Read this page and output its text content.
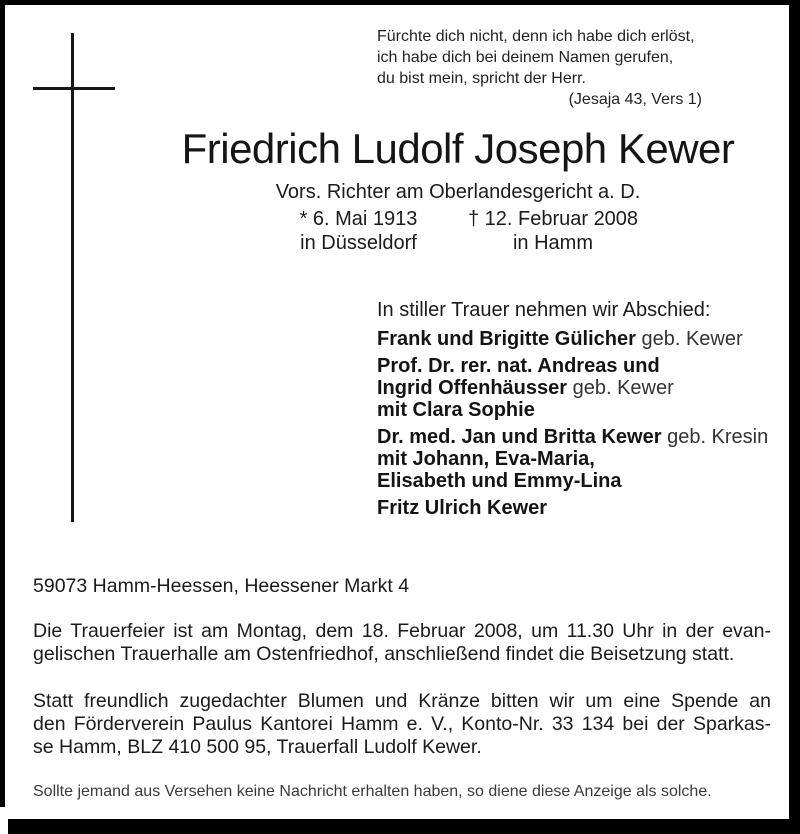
Fürchte dich nicht, denn ich habe dich erlöst,
ich habe dich bei deinem Namen gerufen,
du bist mein, spricht der Herr.
(Jesaja 43, Vers 1)
Friedrich Ludolf Joseph Kewer
Vors. Richter am Oberlandesgericht a. D.
* 6. Mai 1913
in Düsseldorf
† 12. Februar 2008
in Hamm
In stiller Trauer nehmen wir Abschied:
Frank und Brigitte Gülicher geb. Kewer
Prof. Dr. rer. nat. Andreas und
Ingrid Offenhäusser geb. Kewer
mit Clara Sophie
Dr. med. Jan und Britta Kewer geb. Kresin
mit Johann, Eva-Maria,
Elisabeth und Emmy-Lina
Fritz Ulrich Kewer
59073 Hamm-Heessen, Heessener Markt 4
Die Trauerfeier ist am Montag, dem 18. Februar 2008, um 11.30 Uhr in der evan-
gelischen Trauerhalle am Ostenfriedhof, anschließend findet die Beisetzung statt.
Statt freundlich zugedachter Blumen und Kränze bitten wir um eine Spende an
den Förderverein Paulus Kantorei Hamm e. V., Konto-Nr. 33 134 bei der Sparkas-
se Hamm, BLZ 410 500 95, Trauerfall Ludolf Kewer.
Sollte jemand aus Versehen keine Nachricht erhalten haben, so diene diese Anzeige als solche.
